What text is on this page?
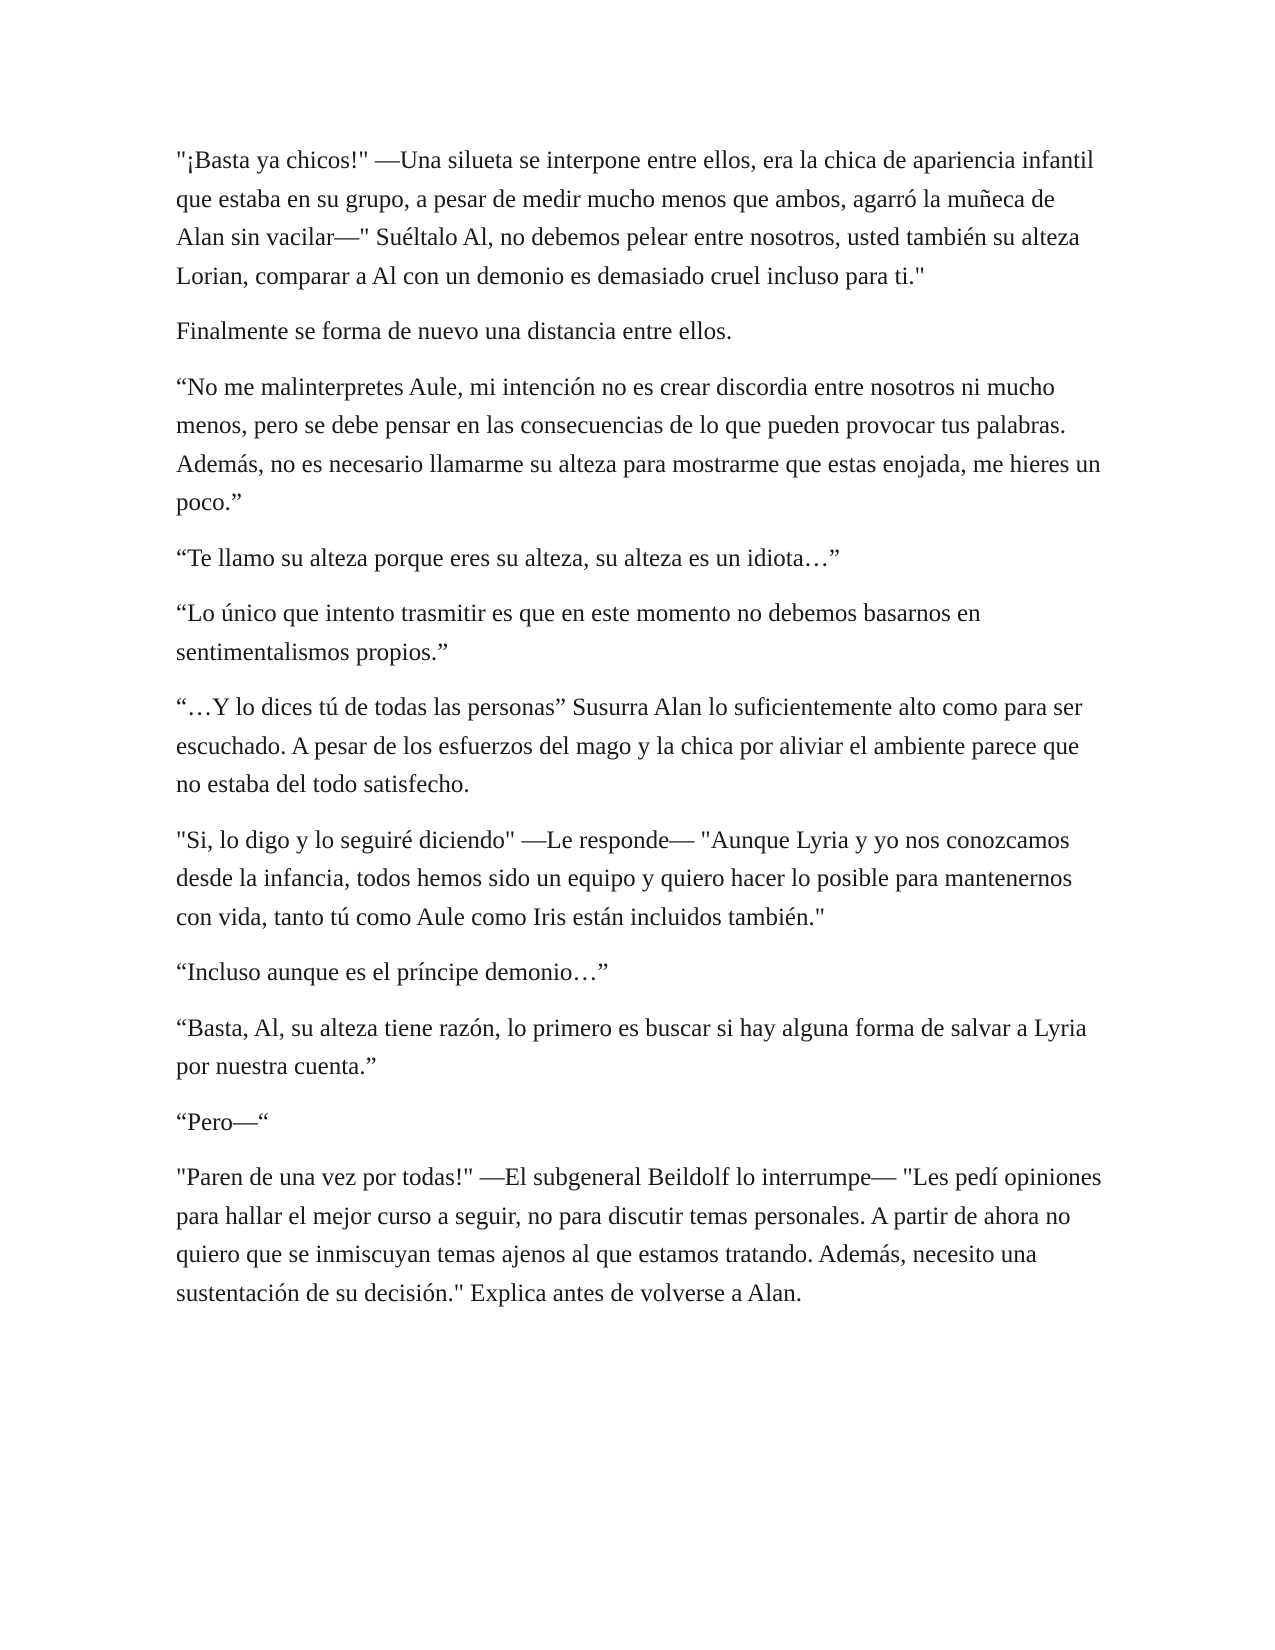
"¡Basta ya chicos!" —Una silueta se interpone entre ellos, era la chica de apariencia infantil que estaba en su grupo, a pesar de medir mucho menos que ambos, agarró la muñeca de Alan sin vacilar—" Suéltalo Al, no debemos pelear entre nosotros, usted también su alteza Lorian, comparar a Al con un demonio es demasiado cruel incluso para ti."

Finalmente se forma de nuevo una distancia entre ellos.

“No me malinterpretes Aule, mi intención no es crear discordia entre nosotros ni mucho menos, pero se debe pensar en las consecuencias de lo que pueden provocar tus palabras. Además, no es necesario llamarme su alteza para mostrarme que estas enojada, me hieres un poco.”

“Te llamo su alteza porque eres su alteza, su alteza es un idiota…”

“Lo único que intento trasmitir es que en este momento no debemos basarnos en sentimentalismos propios.”

“…Y lo dices tú de todas las personas” Susurra Alan lo suficientemente alto como para ser escuchado. A pesar de los esfuerzos del mago y la chica por aliviar el ambiente parece que no estaba del todo satisfecho.

"Si, lo digo y lo seguiré diciendo" —Le responde— "Aunque Lyria y yo nos conozcamos desde la infancia, todos hemos sido un equipo y quiero hacer lo posible para mantenernos con vida, tanto tú como Aule como Iris están incluidos también."

“Incluso aunque es el príncipe demonio…”

“Basta, Al, su alteza tiene razón, lo primero es buscar si hay alguna forma de salvar a Lyria por nuestra cuenta.”

“Pero—“

"Paren de una vez por todas!" —El subgeneral Beildolf lo interrumpe— "Les pedí opiniones para hallar el mejor curso a seguir, no para discutir temas personales. A partir de ahora no quiero que se inmiscuyan temas ajenos al que estamos tratando. Además, necesito una sustentación de su decisión." Explica antes de volverse a Alan.
